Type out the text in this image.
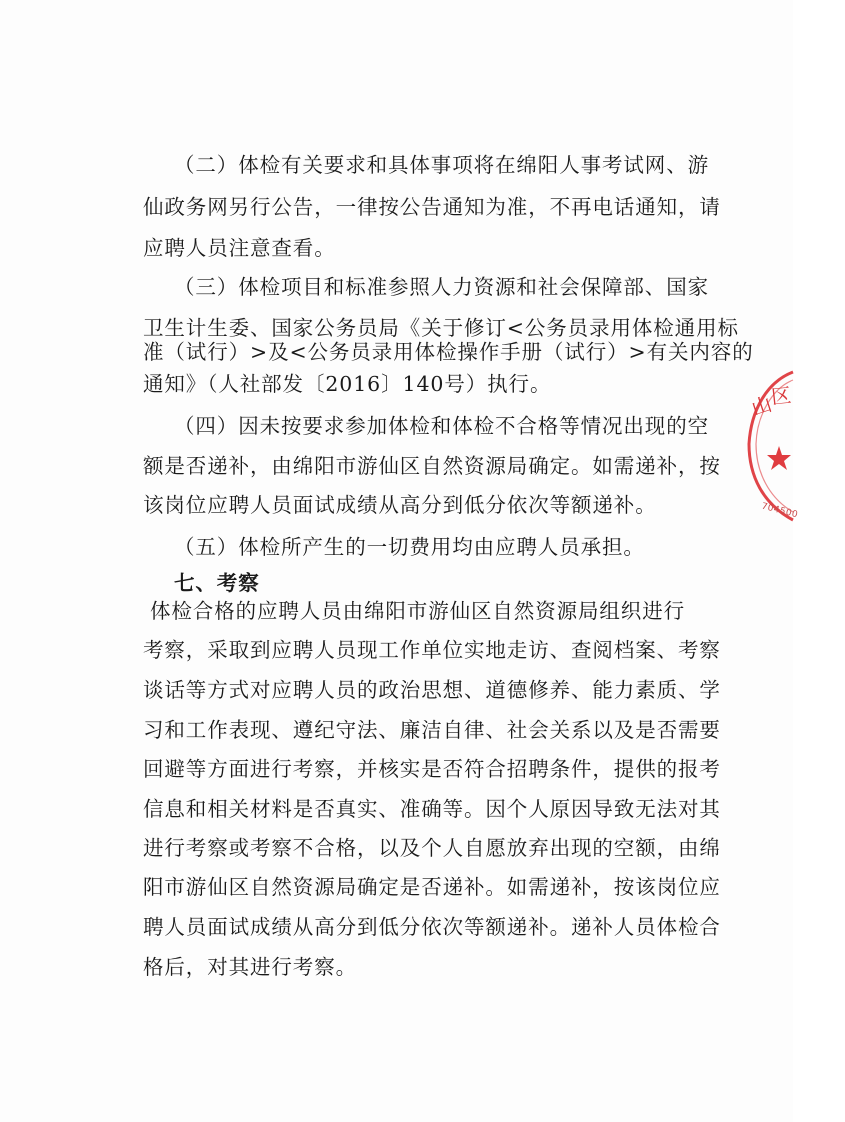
（二）体检有关要求和具体事项将在绵阳人事考试网、游
仙政务网另行公告，一律按公告通知为准，不再电话通知，请
应聘人员注意查看。
（三）体检项目和标准参照人力资源和社会保障部、国家
卫生计生委、国家公务员局《关于修订<公务员录用体检通用标
准（试行）>及<公务员录用体检操作手册（试行）>有关内容的
通知》（人社部发〔2016〕140号）执行。
（四）因未按要求参加体检和体检不合格等情况出现的空
额是否递补，由绵阳市游仙区自然资源局确定。如需递补，按
该岗位应聘人员面试成绩从高分到低分依次等额递补。
（五）体检所产生的一切费用均由应聘人员承担。
七、考察
体检合格的应聘人员由绵阳市游仙区自然资源局组织进行
考察，采取到应聘人员现工作单位实地走访、查阅档案、考察
谈话等方式对应聘人员的政治思想、道德修养、能力素质、学
习和工作表现、遵纪守法、廉洁自律、社会关系以及是否需要
回避等方面进行考察，并核实是否符合招聘条件，提供的报考
信息和相关材料是否真实、准确等。因个人原因导致无法对其
进行考察或考察不合格，以及个人自愿放弃出现的空额，由绵
阳市游仙区自然资源局确定是否递补。如需递补，按该岗位应
聘人员面试成绩从高分到低分依次等额递补。递补人员体检合
格后，对其进行考察。
山
区
704500
